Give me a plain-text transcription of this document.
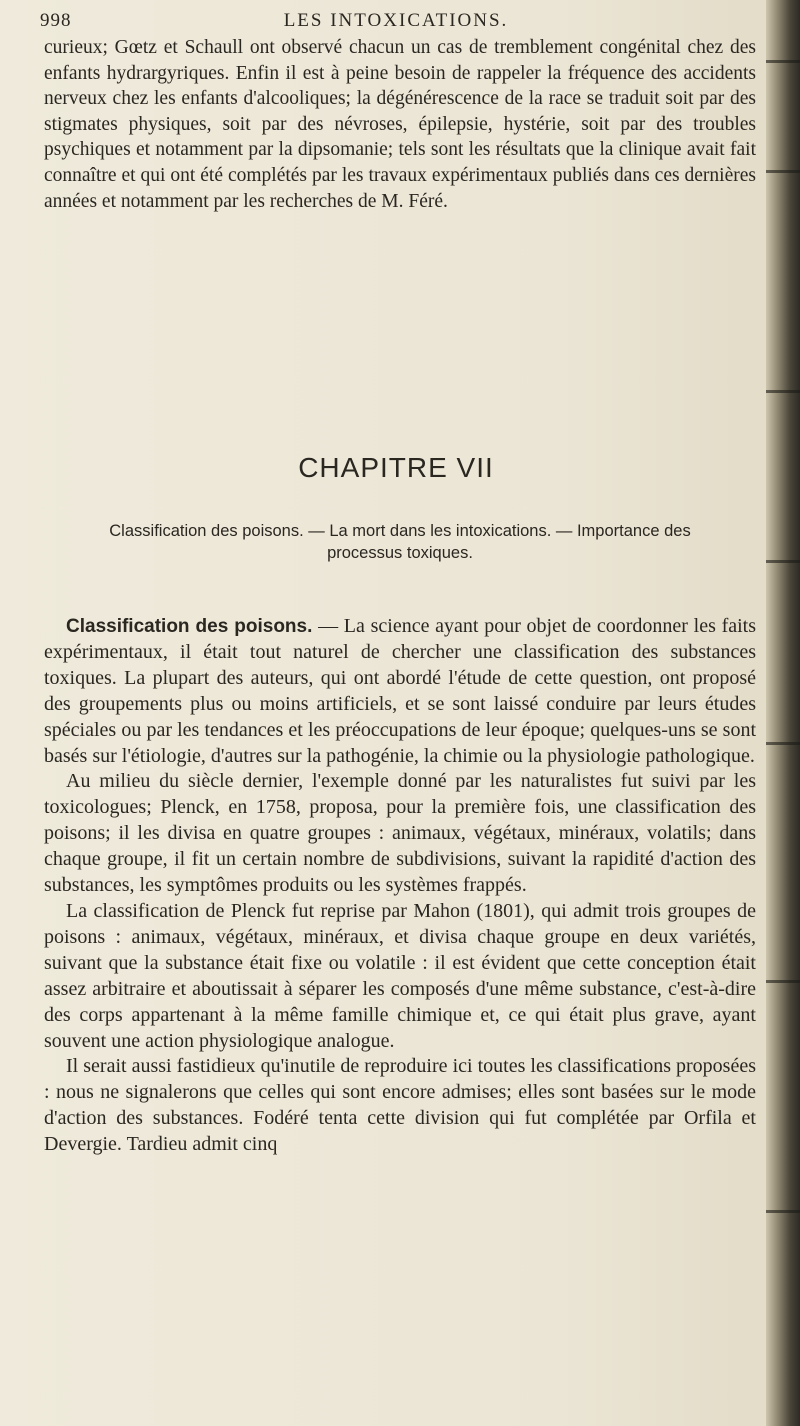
998	LES INTOXICATIONS.

curieux; Gœtz et Schaull ont observé chacun un cas de tremblement congénital chez des enfants hydrargyriques. Enfin il est à peine besoin de rappeler la fréquence des accidents nerveux chez les enfants d'alcooliques; la dégénérescence de la race se traduit soit par des stigmates physiques, soit par des névroses, épilepsie, hystérie, soit par des troubles psychiques et notamment par la dipsomanie; tels sont les résultats que la clinique avait fait connaître et qui ont été complétés par les travaux expérimentaux publiés dans ces dernières années et notamment par les recherches de M. Féré.

CHAPITRE VII
Classification des poisons. — La mort dans les intoxications. — Importance des processus toxiques.

Classification des poisons. — La science ayant pour objet de coordonner les faits expérimentaux, il était tout naturel de chercher une classification des substances toxiques. La plupart des auteurs, qui ont abordé l'étude de cette question, ont proposé des groupements plus ou moins artificiels, et se sont laissé conduire par leurs études spéciales ou par les tendances et les préoccupations de leur époque; quelques-uns se sont basés sur l'étiologie, d'autres sur la pathogénie, la chimie ou la physiologie pathologique.

Au milieu du siècle dernier, l'exemple donné par les naturalistes fut suivi par les toxicologues; Plenck, en 1758, proposa, pour la première fois, une classification des poisons; il les divisa en quatre groupes : animaux, végétaux, minéraux, volatils; dans chaque groupe, il fit un certain nombre de subdivisions, suivant la rapidité d'action des substances, les symptômes produits ou les systèmes frappés.

La classification de Plenck fut reprise par Mahon (1801), qui admit trois groupes de poisons : animaux, végétaux, minéraux, et divisa chaque groupe en deux variétés, suivant que la substance était fixe ou volatile : il est évident que cette conception était assez arbitraire et aboutissait à séparer les composés d'une même substance, c'est-à-dire des corps appartenant à la même famille chimique et, ce qui était plus grave, ayant souvent une action physiologique analogue.

Il serait aussi fastidieux qu'inutile de reproduire ici toutes les classifications proposées : nous ne signalerons que celles qui sont encore admises; elles sont basées sur le mode d'action des substances. Fodéré tenta cette division qui fut complétée par Orfila et Devergie. Tardieu admit cinq
